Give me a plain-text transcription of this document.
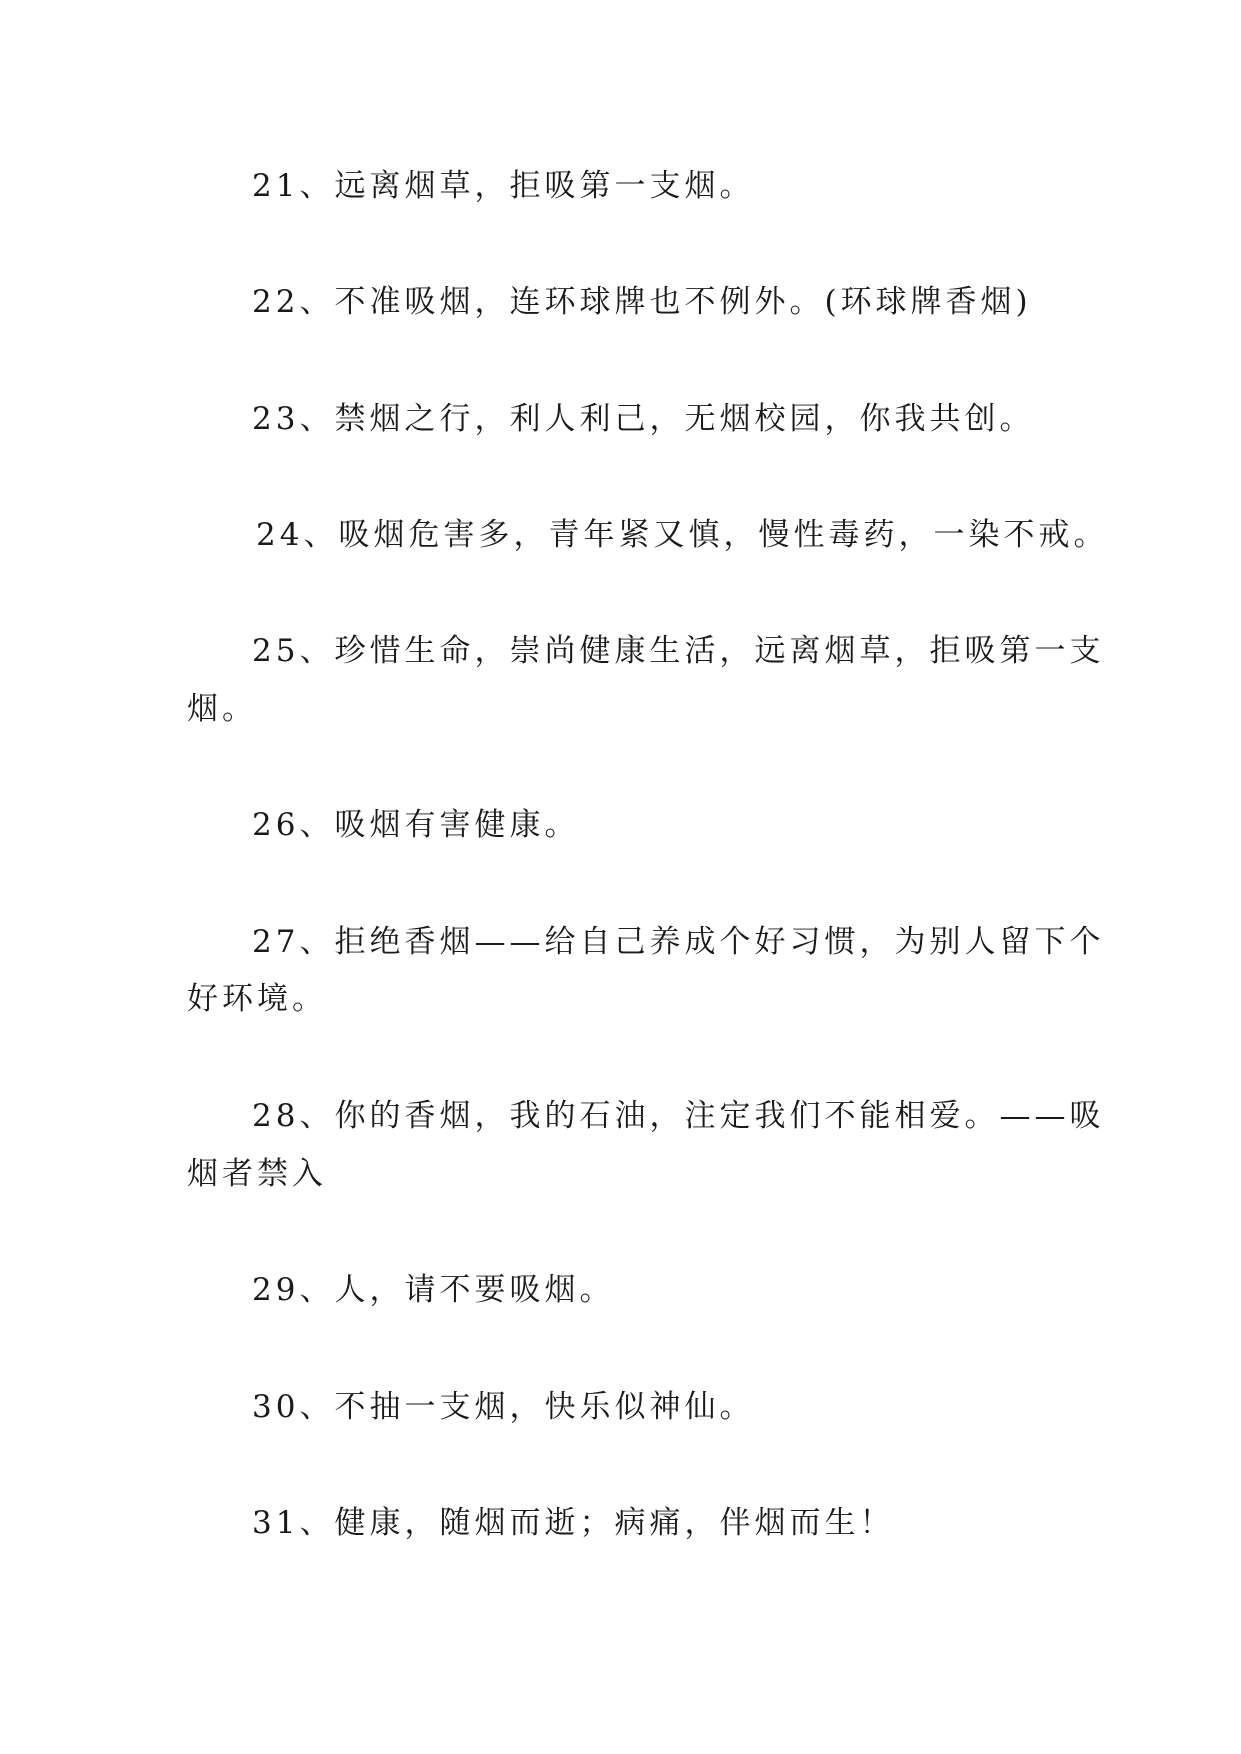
21、远离烟草，拒吸第一支烟。

22、不准吸烟，连环球牌也不例外。(环球牌香烟)

23、禁烟之行，利人利己，无烟校园，你我共创。

24、吸烟危害多，青年紧又慎，慢性毒药，一染不戒。

25、珍惜生命，崇尚健康生活，远离烟草，拒吸第一支

烟。

26、吸烟有害健康。

27、拒绝香烟——给自己养成个好习惯，为别人留下个

好环境。

28、你的香烟，我的石油，注定我们不能相爱。——吸

烟者禁入

29、人，请不要吸烟。

30、不抽一支烟，快乐似神仙。

31、健康，随烟而逝；病痛，伴烟而生！
